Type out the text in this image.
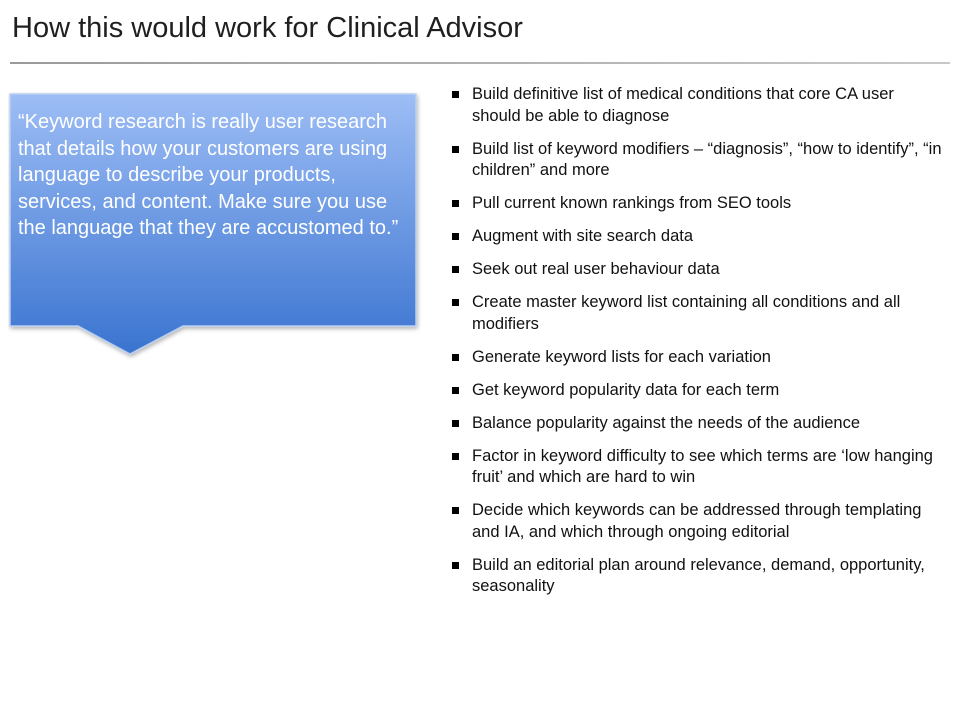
How this would work for Clinical Advisor

“Keyword research is really user research that details how your customers are using language to describe your products, services, and content. Make sure you use the language that they are accustomed to.”

Build definitive list of medical conditions that core CA user should be able to diagnose
Build list of keyword modifiers – “diagnosis”, “how to identify”, “in children” and more
Pull current known rankings from SEO tools
Augment with site search data
Seek out real user behaviour data
Create master keyword list containing all conditions and all modifiers
Generate keyword lists for each variation
Get keyword popularity data for each term
Balance popularity against the needs of the audience
Factor in keyword difficulty to see which terms are ‘low hanging fruit’ and which are hard to win
Decide which keywords can be addressed through templating and IA, and which through ongoing editorial
Build an editorial plan around relevance, demand, opportunity, seasonality
